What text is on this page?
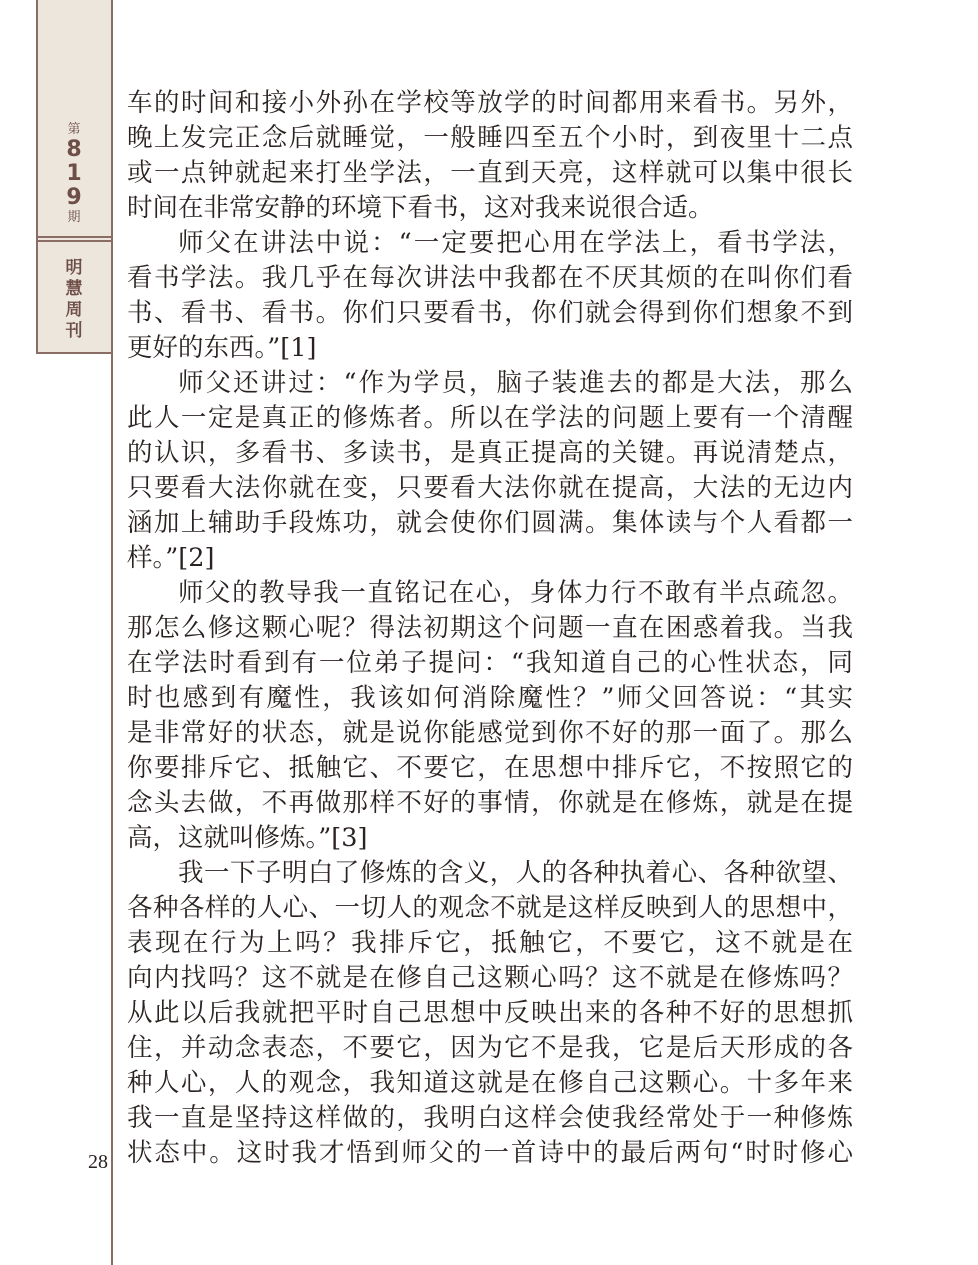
第
8
1
9
期
明
慧
周
刊
28
车的时间和接小外孙在学校等放学的时间都用来看书。另外，
晚上发完正念后就睡觉，一般睡四至五个小时，到夜里十二点
或一点钟就起来打坐学法，一直到天亮，这样就可以集中很长
时间在非常安静的环境下看书，这对我来说很合适。
师父在讲法中说：“一定要把心用在学法上，看书学法，
看书学法。我几乎在每次讲法中我都在不厌其烦的在叫你们看
书、看书、看书。你们只要看书，你们就会得到你们想象不到
更好的东西。”[1]
师父还讲过：“作为学员，脑子装進去的都是大法，那么
此人一定是真正的修炼者。所以在学法的问题上要有一个清醒
的认识，多看书、多读书，是真正提高的关键。再说清楚点，
只要看大法你就在变，只要看大法你就在提高，大法的无边内
涵加上辅助手段炼功，就会使你们圆满。集体读与个人看都一
样。”[2]
师父的教导我一直铭记在心，身体力行不敢有半点疏忽。
那怎么修这颗心呢？得法初期这个问题一直在困惑着我。当我
在学法时看到有一位弟子提问：“我知道自己的心性状态，同
时也感到有魔性，我该如何消除魔性？”师父回答说：“其实
是非常好的状态，就是说你能感觉到你不好的那一面了。那么
你要排斥它、抵触它、不要它，在思想中排斥它，不按照它的
念头去做，不再做那样不好的事情，你就是在修炼，就是在提
高，这就叫修炼。”[3]
我一下子明白了修炼的含义，人的各种执着心、各种欲望、
各种各样的人心、一切人的观念不就是这样反映到人的思想中，
表现在行为上吗？我排斥它，抵触它，不要它，这不就是在
向内找吗？这不就是在修自己这颗心吗？这不就是在修炼吗？
从此以后我就把平时自己思想中反映出来的各种不好的思想抓
住，并动念表态，不要它，因为它不是我，它是后天形成的各
种人心，人的观念，我知道这就是在修自己这颗心。十多年来
我一直是坚持这样做的，我明白这样会使我经常处于一种修炼
状态中。这时我才悟到师父的一首诗中的最后两句“时时修心
